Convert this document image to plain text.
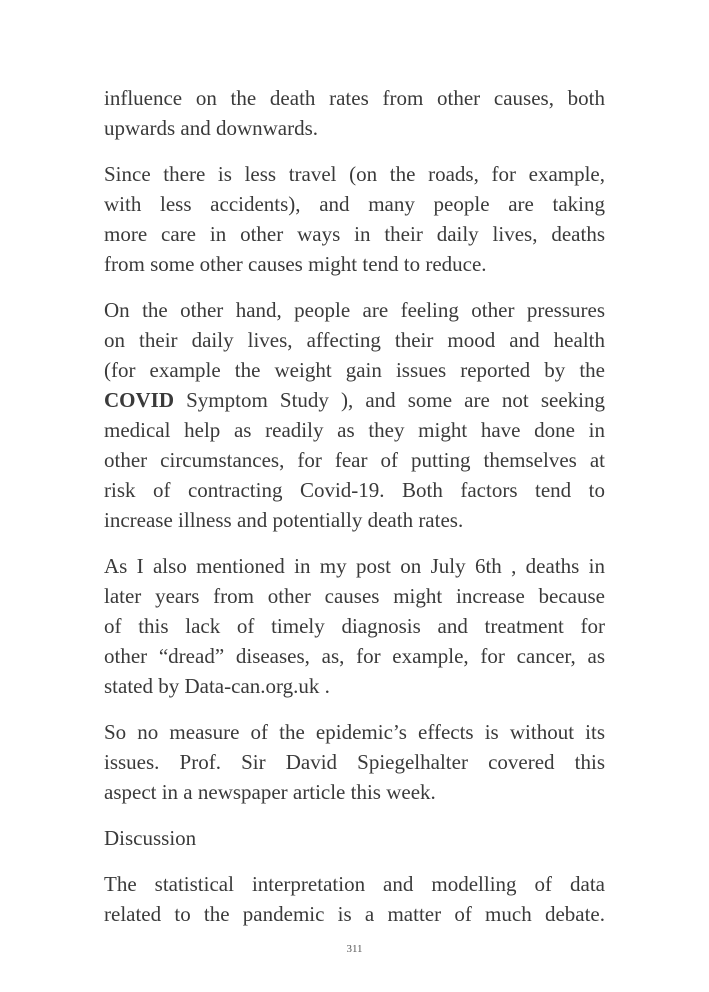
influence on the death rates from other causes, both
upwards and downwards.
Since there is less travel (on the roads, for example,
with less accidents), and many people are taking
more care in other ways in their daily lives, deaths
from some other causes might tend to reduce.
On the other hand, people are feeling other pressures
on their daily lives, affecting their mood and health
(for example the weight gain issues reported by the
COVID Symptom Study ), and some are not seeking
medical help as readily as they might have done in
other circumstances, for fear of putting themselves at
risk of contracting Covid-19. Both factors tend to
increase illness and potentially death rates.
As I also mentioned in my post on July 6th , deaths in
later years from other causes might increase because
of this lack of timely diagnosis and treatment for
other “dread” diseases, as, for example, for cancer, as
stated by Data-can.org.uk .
So no measure of the epidemic’s effects is without its
issues. Prof. Sir David Spiegelhalter covered this
aspect in a newspaper article this week.
Discussion
The statistical interpretation and modelling of data
related to the pandemic is a matter of much debate.
311
